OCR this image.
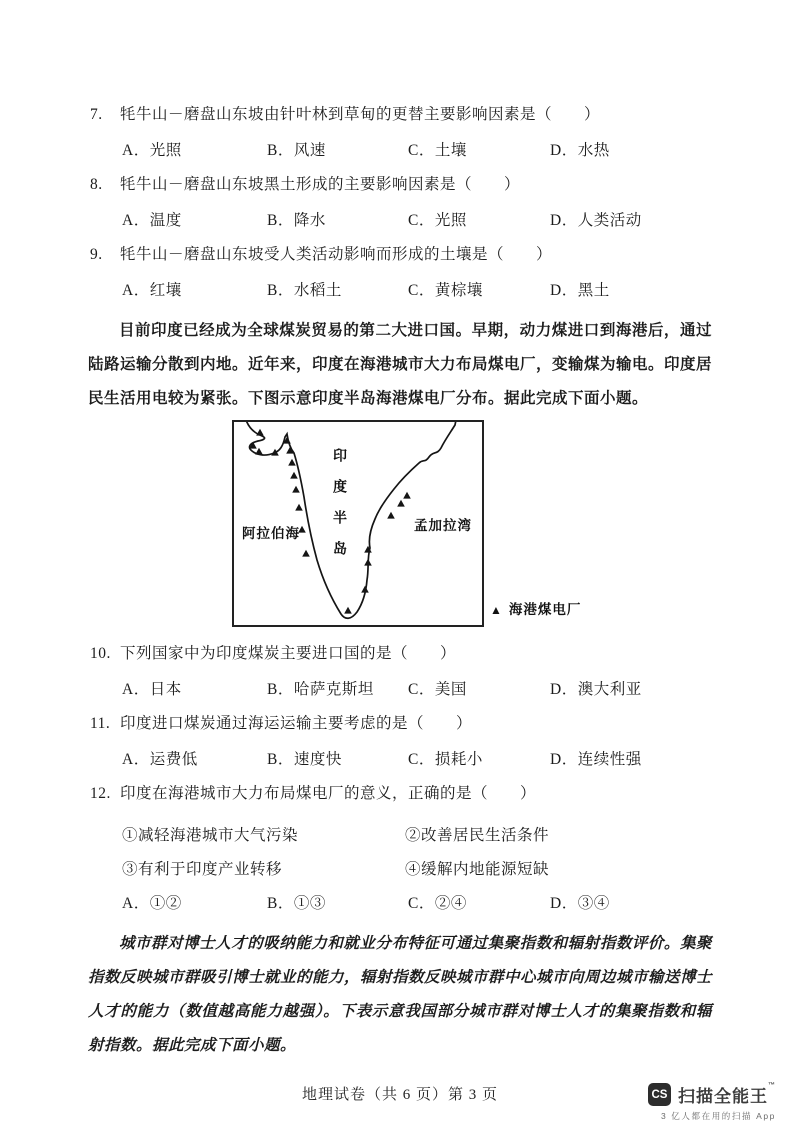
7.	牦牛山－磨盘山东坡由针叶林到草甸的更替主要影响因素是（　　）
A．光照	B．风速	C．土壤	D．水热
8.	牦牛山－磨盘山东坡黑土形成的主要影响因素是（　　）
A．温度	B．降水	C．光照	D．人类活动
9.	牦牛山－磨盘山东坡受人类活动影响而形成的土壤是（　　）
A．红壤	B．水稻土	C．黄棕壤	D．黑土

目前印度已经成为全球煤炭贸易的第二大进口国。早期，动力煤进口到海港后，通过陆路运输分散到内地。近年来，印度在海港城市大力布局煤电厂，变输煤为输电。印度居民生活用电较为紧张。下图示意印度半岛海港煤电厂分布。据此完成下面小题。

阿拉伯海 印度半岛	孟加拉湾
▲ 海港煤电厂
10. 下列国家中为印度煤炭主要进口国的是（　　）
A．日本	B．哈萨克斯坦	C．美国	D．澳大利亚
11. 印度进口煤炭通过海运运输主要考虑的是（　　）
A．运费低	B．速度快	C．损耗小	D．连续性强
12. 印度在海港城市大力布局煤电厂的意义，正确的是（　　）
①减轻海港城市大气污染	②改善居民生活条件
③有利于印度产业转移	④缓解内地能源短缺
A．①②	B．①③	C．②④	D．③④

城市群对博士人才的吸纳能力和就业分布特征可通过集聚指数和辐射指数评价。集聚指数反映城市群吸引博士就业的能力，辐射指数反映城市群中心城市向周边城市输送博士人才的能力（数值越高能力越强）。下表示意我国部分城市群对博士人才的集聚指数和辐射指数。据此完成下面小题。

地理试卷（共 6 页）第 3 页	CS 扫描全能王™
3 亿人都在用的扫描 App
